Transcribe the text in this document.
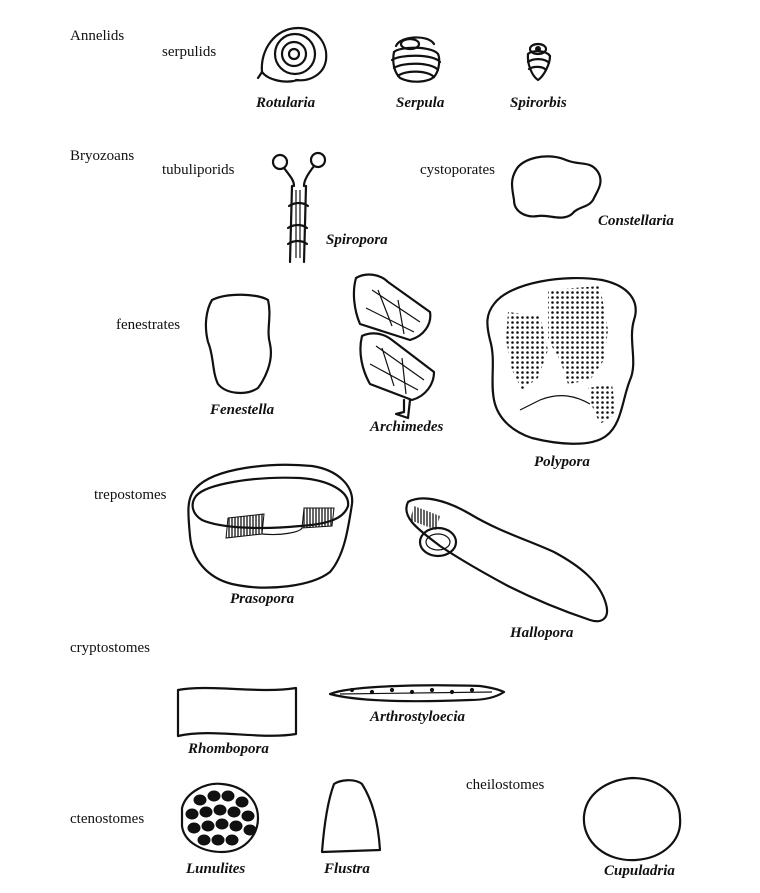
Annelids
Bryozoans
serpulids
tubuliporids	cystoporates
fenestrates
trepostomes
cryptostomes
cheilostomes
ctenostomes
Rotularia	Serpula	Spirorbis
Spiropora
Constellaria
Fenestella
Archimedes
Polypora
Prasopora
Hallopora
Rhombopora
Arthrostyloecia
Lunulites	Flustra	Cupuladria
